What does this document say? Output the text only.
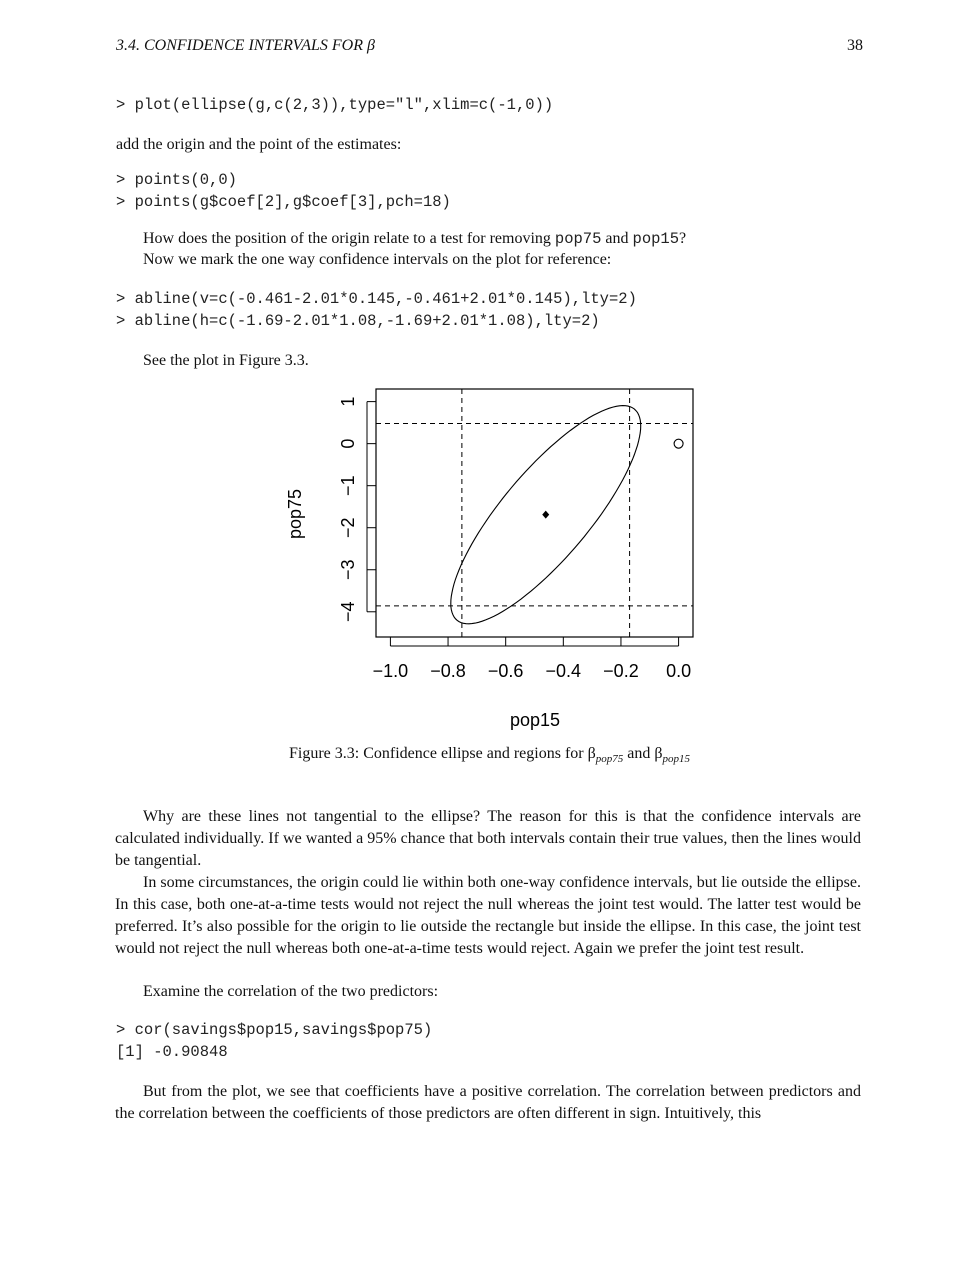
3.4. CONFIDENCE INTERVALS FOR β	38
> plot(ellipse(g,c(2,3)),type="l",xlim=c(-1,0))
add the origin and the point of the estimates:
> points(0,0)
> points(g$coef[2],g$coef[3],pch=18)
How does the position of the origin relate to a test for removing pop75 and pop15?
Now we mark the one way confidence intervals on the plot for reference:
> abline(v=c(-0.461-2.01*0.145,-0.461+2.01*0.145),lty=2)
> abline(h=c(-1.69-2.01*1.08,-1.69+2.01*1.08),lty=2)
See the plot in Figure 3.3.
−1.0 −0.8 −0.6 −0.4 −0.2 0.0
−4
−3
−2
−1
0
1
pop15
pop75
Figure 3.3: Confidence ellipse and regions for $\beta_{pop75}$ and $\beta_{pop15}$
Why are these lines not tangential to the ellipse? The reason for this is that the confidence intervals are calculated individually. If we wanted a 95% chance that both intervals contain their true values, then the lines would be tangential.
In some circumstances, the origin could lie within both one-way confidence intervals, but lie outside the ellipse. In this case, both one-at-a-time tests would not reject the null whereas the joint test would. The latter test would be preferred. It’s also possible for the origin to lie outside the rectangle but inside the ellipse. In this case, the joint test would not reject the null whereas both one-at-a-time tests would reject. Again we prefer the joint test result.
Examine the correlation of the two predictors:
> cor(savings$pop15,savings$pop75)
[1] -0.90848
But from the plot, we see that coefficients have a positive correlation. The correlation between predictors and the correlation between the coefficients of those predictors are often different in sign. Intuitively, this
